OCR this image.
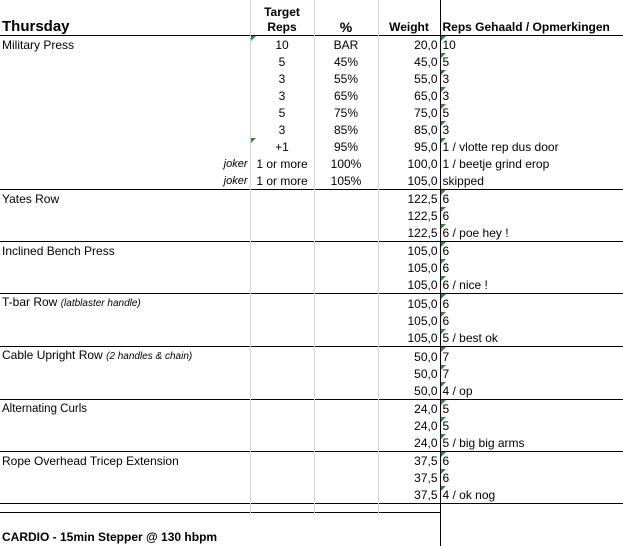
Thursday	Target Reps	%	Weight	Reps Gehaald / Opmerkingen
Military Press	10	BAR	20,0	10
	5	45%	45,0	5
	3	55%	55,0	3
	3	65%	65,0	3
	5	75%	75,0	5
	3	85%	85,0	3
	+1	95%	95,0	1 / vlotte rep dus door
joker	1 or more	100%	100,0	1 / beetje grind erop
joker	1 or more	105%	105,0	skipped
Yates Row			122,5	6
			122,5	6
			122,5	6 / poe hey !
Inclined Bench Press			105,0	6
			105,0	6
			105,0	6 / nice !
T-bar Row (latblaster handle)			105,0	6
			105,0	6
			105,0	5 / best ok
Cable Upright Row (2 handles & chain)			50,0	7
			50,0	7
			50,0	4 / op
Alternating Curls			24,0	5
			24,0	5
			24,0	5 / big big arms
Rope Overhead Tricep Extension			37,5	6
			37,5	6
			37,5	4 / ok nog

CARDIO - 15min Stepper @ 130 hbpm				
